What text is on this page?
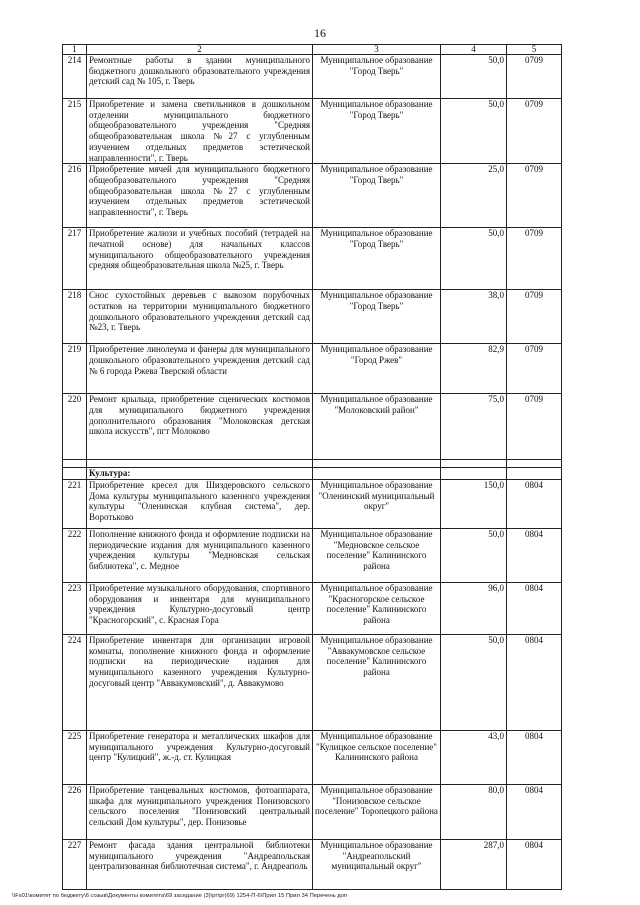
16
1	2	3	4	5
214	Ремонтные работы в здании муниципального бюджетного дошкольного образовательного учреждения детский сад № 105, г. Тверь	Муниципальное образование "Город Тверь"	50,0	0709
215	Приобретение и замена светильников в дошкольном отделении муниципального бюджетного общеобразовательного учреждения "Средняя общеобразовательная школа №27 с углубленным изучением отдельных предметов эстетической направленности", г. Тверь	Муниципальное образование "Город Тверь"	50,0	0709
216	Приобретение мячей для муниципального бюджетного общеобразовательного учреждения "Средняя общеобразовательная школа №27 с углубленным изучением отдельных предметов эстетической направленности", г. Тверь	Муниципальное образование "Город Тверь"	25,0	0709
217	Приобретение жалюзи и учебных пособий (тетрадей на печатной основе) для начальных классов муниципального общеобразовательного учреждения средняя общеобразовательная школа №25, г. Тверь	Муниципальное образование "Город Тверь"	50,0	0709
218	Снос сухостойных деревьев с вывозом порубочных остатков на территории муниципального бюджетного дошкольного образовательного учреждения детский сад №23, г. Тверь	Муниципальное образование "Город Тверь"	38,0	0709
219	Приобретение линолеума и фанеры для муниципального дошкольного образовательного учреждения детский сад № 6 города Ржева Тверской области	Муниципальное образование "Город Ржев"	82,9	0709
220	Ремонт крыльца, приобретение сценических костюмов для муниципального бюджетного учреждения дополнительного образования "Молоковская детская школа искусств", пгт Молоково	Муниципальное образование "Молоковский район"	75,0	0709

	Культура:			
221	Приобретение кресел для Шиздеровского сельского Дома культуры муниципального казенного учреждения культуры "Оленинская клубная система", дер. Воротьково	Муниципальное образование "Оленинский муниципальный округ"	150,0	0804
222	Пополнение книжного фонда и оформление подписки на периодические издания для муниципального казенного учреждения культуры "Медновская сельская библиотека", с. Медное	Муниципальное образование "Медновское сельское поселение" Калининского района	50,0	0804
223	Приобретение музыкального оборудования, спортивного оборудования и инвентаря для муниципального учреждения Культурно-досуговый центр "Красногорский", с. Красная Гора	Муниципальное образование "Красногорское сельское поселение" Калининского района	96,0	0804
224	Приобретение инвентаря для организации игровой комнаты, пополнение книжного фонда и оформление подписки на периодические издания для муниципального казенного учреждения Культурно-досуговый центр "Аввакумовский", д. Аввакумово	Муниципальное образование "Аввакумовское сельское поселение" Калининского района	50,0	0804
225	Приобретение генератора и металлических шкафов для муниципального учреждения Культурно-досуговый центр "Кулицкий", ж.-д. ст. Кулицкая	Муниципальное образование "Кулицкое сельское поселение" Калининского района	43,0	0804
226	Приобретение танцевальных костюмов, фотоаппарата, шкафа для муниципального учреждения Понизовского сельского поселения "Понизовский центральный сельский Дом культуры", дер. Понизовье	Муниципальное образование "Понизовское сельское поселение" Торопецкого района	80,0	0804
227	Ремонт фасада здания центральной библиотеки муниципального учреждения "Андреапольская централизованная библиотечная система", г. Андреаполь	Муниципальное образование "Андреапольский муниципальный округ"	287,0	0804
\\Fs01\комитет по бюджету\6 созыв\Документы комитета\69 заседание (3)\рг\рг(69) 1254-П-6\Прил 15 Прил 34 Перечень доп
